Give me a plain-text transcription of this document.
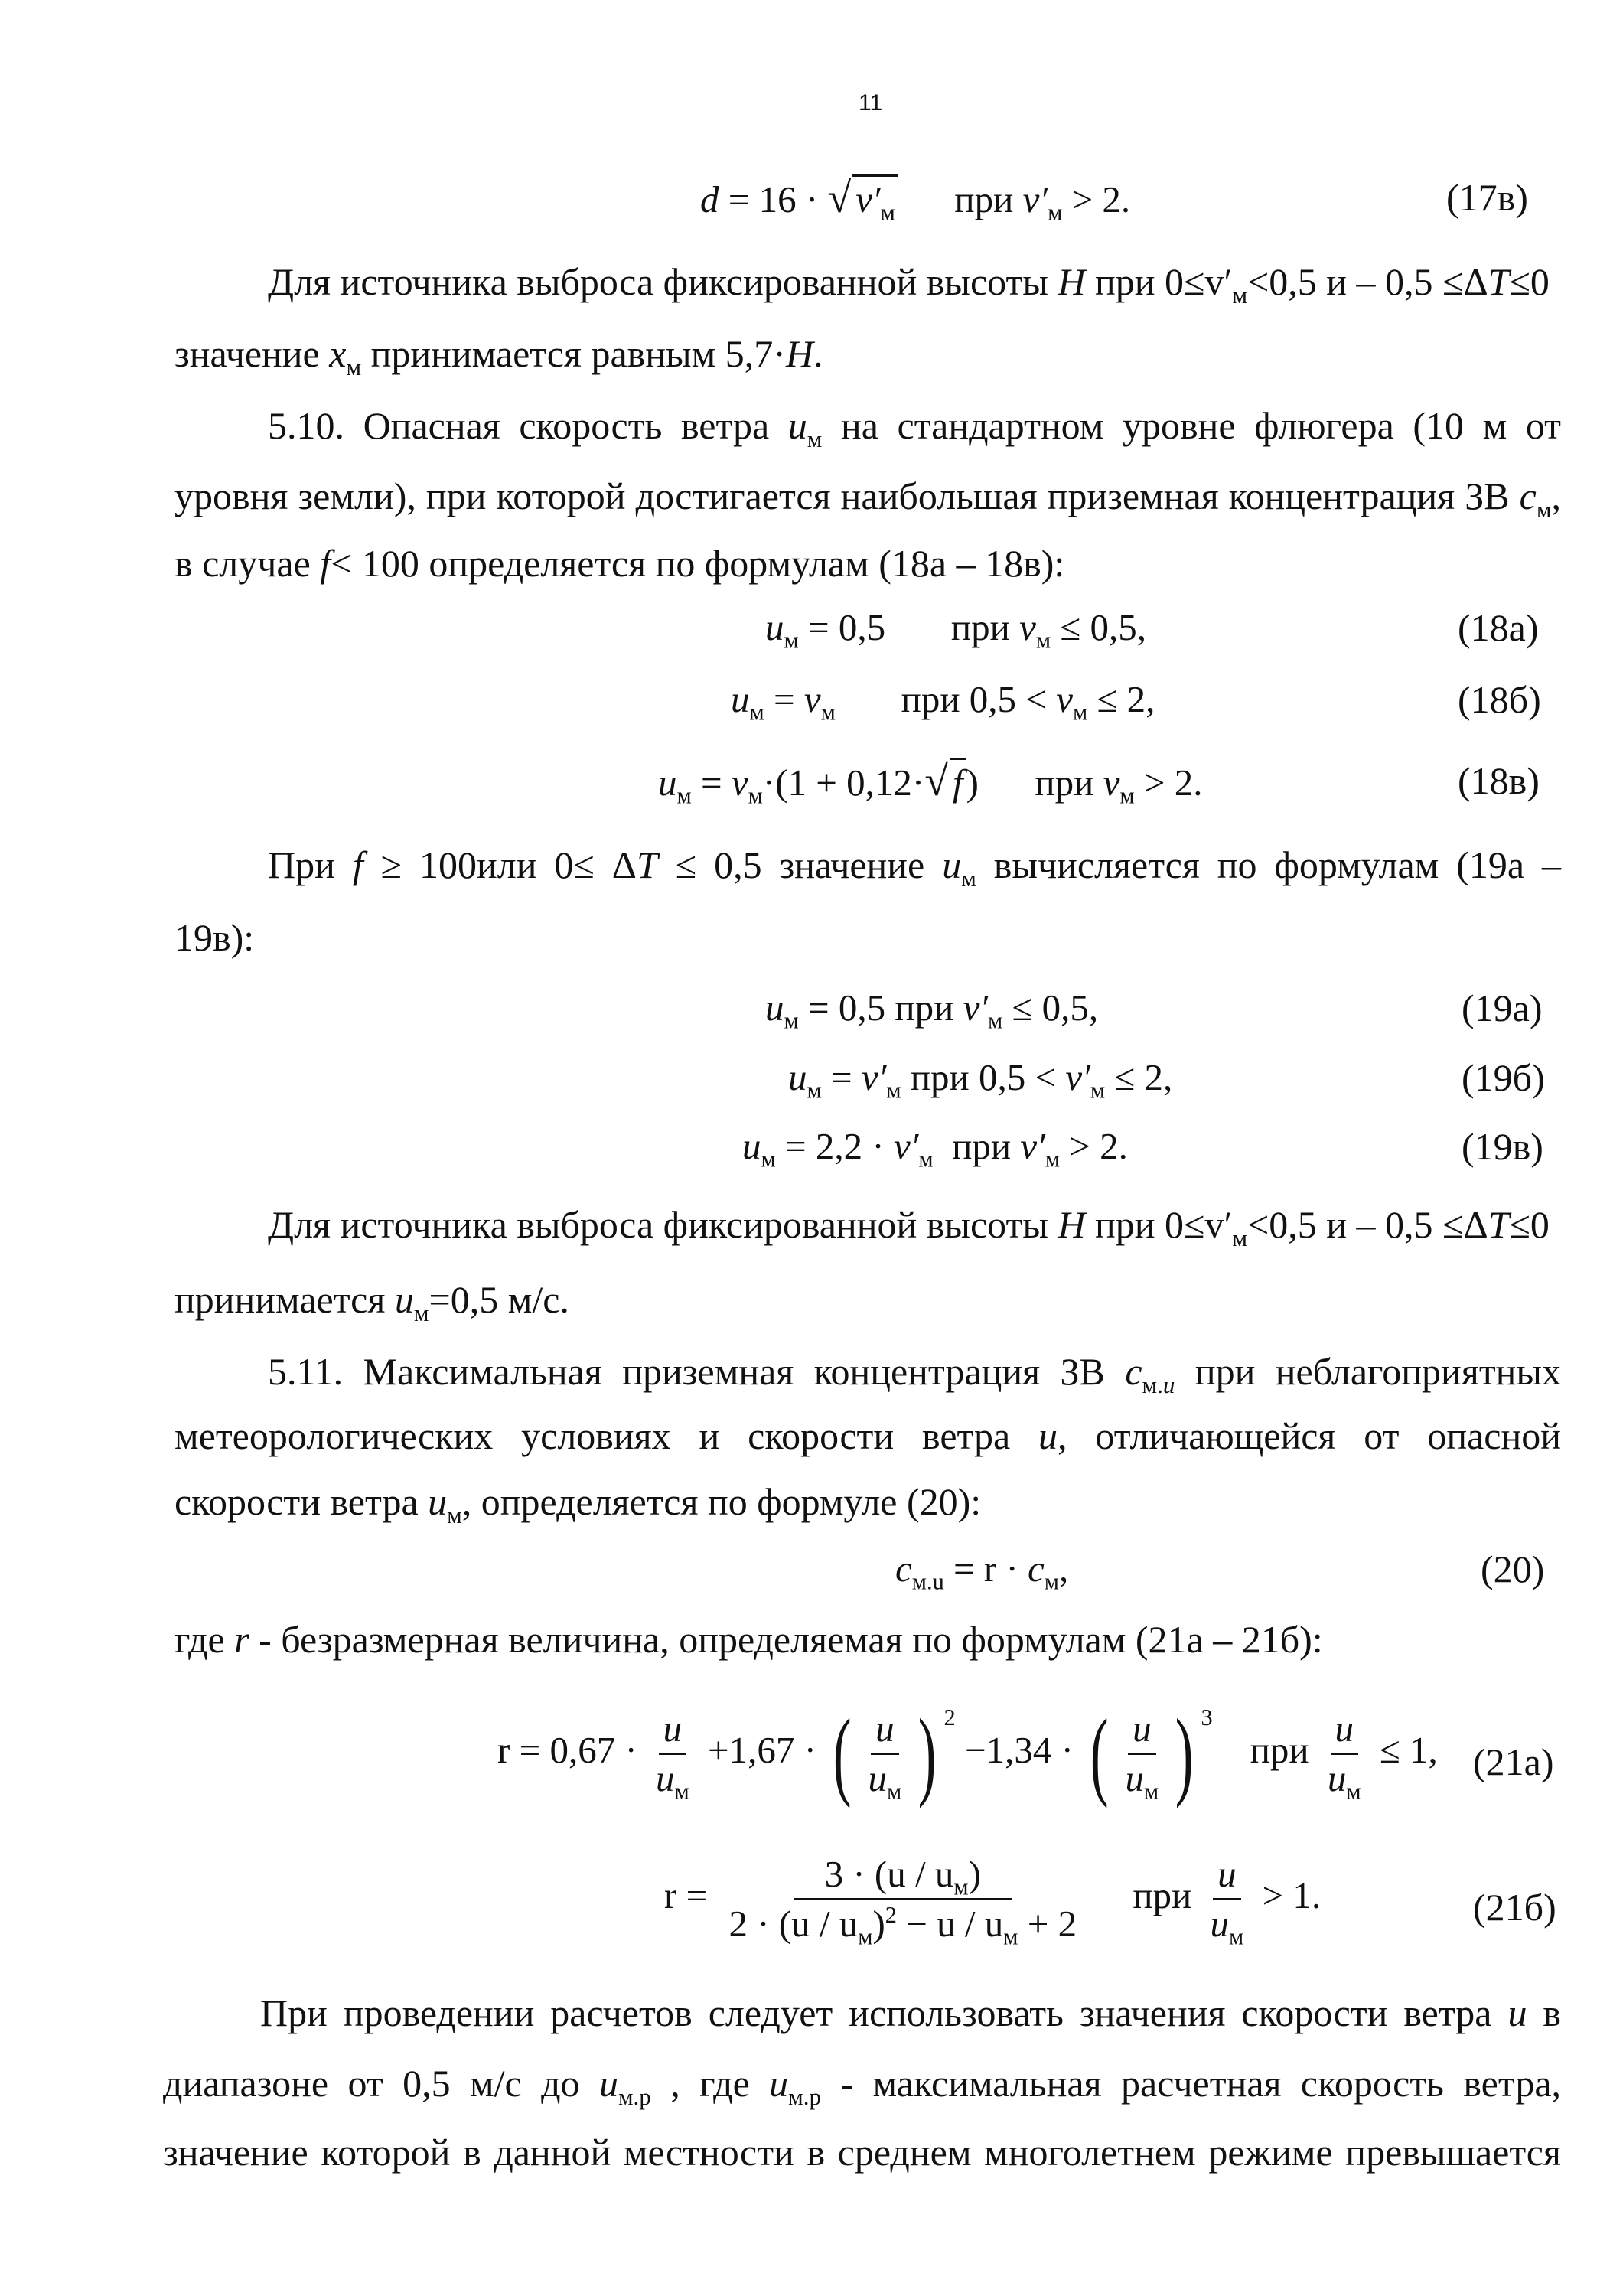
11
d = 16 · √ $v'_м$ при $v'_м > 2$.	(17в)
Для источника выброса фиксированной высоты H при $0\le v'_м<0,5$ и – 0,5 ≤ΔT≤0
значение $x_м$ принимается равным 5,7·H.
5.10. Опасная скорость ветра $u_м$ на стандартном уровне флюгера (10 м от
уровня земли), при которой достигается наибольшая приземная концентрация ЗВ $c_м$,
в случае f< 100 определяется по формулам (18а – 18в):
$u_м = 0,5$ при $v_м \le 0,5$,	(18а)
$u_м = v_м$ при $0,5 < v_м \le 2$,	(18б)
$u_м = v_м\cdot(1 + 0,12\cdot√$ f) при $v_м > 2$.	(18в)
При f ≥ 100или 0≤ ΔT ≤ 0,5 значение $u_м$ вычисляется по формулам (19а –
19в):
$u_м = 0,5$ при $v'_м \le 0,5$,	(19а)
$u_м = v'_м$ при $0,5 < v'_м \le 2$,	(19б)
$u_м = 2,2 \cdot v'_м$ при $v'_м > 2$.	(19в)
Для источника выброса фиксированной высоты H при $0\le v'_м<0,5$ и – 0,5 ≤ΔT≤0
принимается $u_м=0,5$ м/с.
5.11. Максимальная приземная концентрация ЗВ $c_{м.u}$ при неблагоприятных
метеорологических условиях и скорости ветра u, отличающейся от опасной
скорости ветра $u_м$, определяется по формуле (20):
$c_{м.u} = r \cdot c_м$,	(20)
где r - безразмерная величина, определяемая по формулам (21а – 21б):
$r = 0,67 \cdot \frac{u}{u_м} +1,67$ · ( $\frac{u}{u_м}$ ) $^2$ −1,34 · ( $\frac{u}{u_м}$ ) $^3$    при $\frac{u}{u_м} \le 1$, (21а)
$r = \frac{3 \cdot (u / u_м)}{2 \cdot (u / u_м)^2 - u / u_м + 2}$ при $\frac{u}{u_м} > 1$.	(21б)
При проведении расчетов следует использовать значения скорости ветра u в
диапазоне от 0,5 м/с до $u_{м.р}$ , где $u_{м.р}$ - максимальная расчетная скорость ветра,
значение которой в данной местности в среднем многолетнем режиме превышается
